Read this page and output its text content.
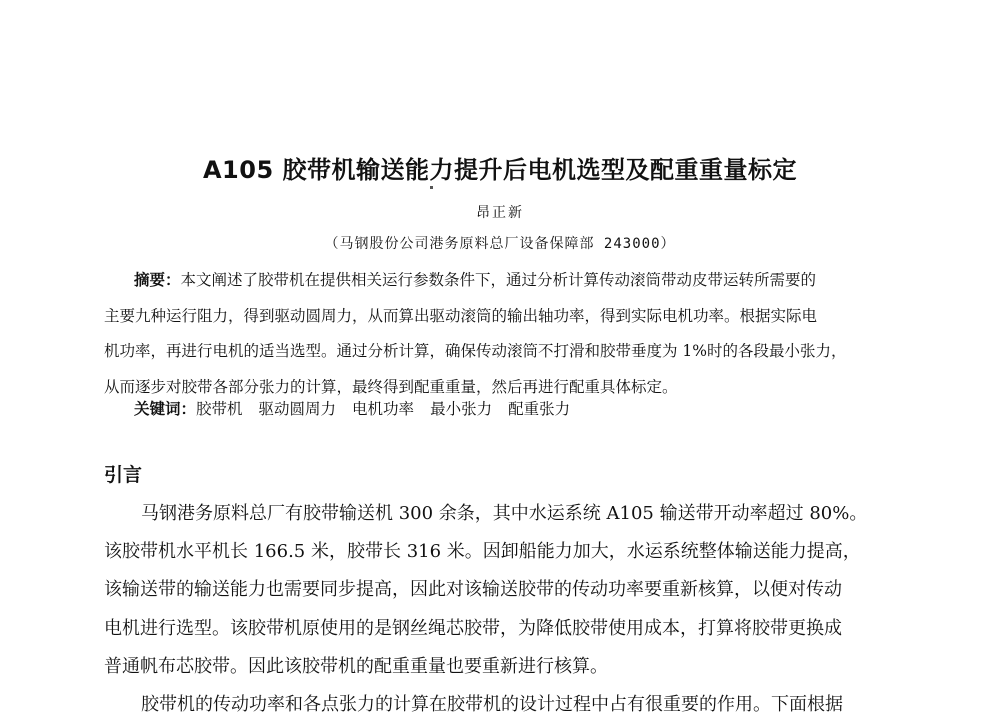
A105 胶带机输送能力提升后电机选型及配重重量标定
昂正新
（马钢股份公司港务原料总厂设备保障部 243000）
摘要：本文阐述了胶带机在提供相关运行参数条件下，通过分析计算传动滚筒带动皮带运转所需要的
主要九种运行阻力，得到驱动圆周力，从而算出驱动滚筒的输出轴功率，得到实际电机功率。根据实际电
机功率，再进行电机的适当选型。通过分析计算，确保传动滚筒不打滑和胶带垂度为 1%时的各段最小张力，
从而逐步对胶带各部分张力的计算，最终得到配重重量，然后再进行配重具体标定。
关键词：胶带机 驱动圆周力 电机功率 最小张力 配重张力
引言
马钢港务原料总厂有胶带输送机 300 余条，其中水运系统 A105 输送带开动率超过 80%。
该胶带机水平机长 166.5 米，胶带长 316 米。因卸船能力加大，水运系统整体输送能力提高，
该输送带的输送能力也需要同步提高，因此对该输送胶带的传动功率要重新核算，以便对传动
电机进行选型。该胶带机原使用的是钢丝绳芯胶带，为降低胶带使用成本，打算将胶带更换成
普通帆布芯胶带。因此该胶带机的配重重量也要重新进行核算。
胶带机的传动功率和各点张力的计算在胶带机的设计过程中占有很重要的作用。下面根据
